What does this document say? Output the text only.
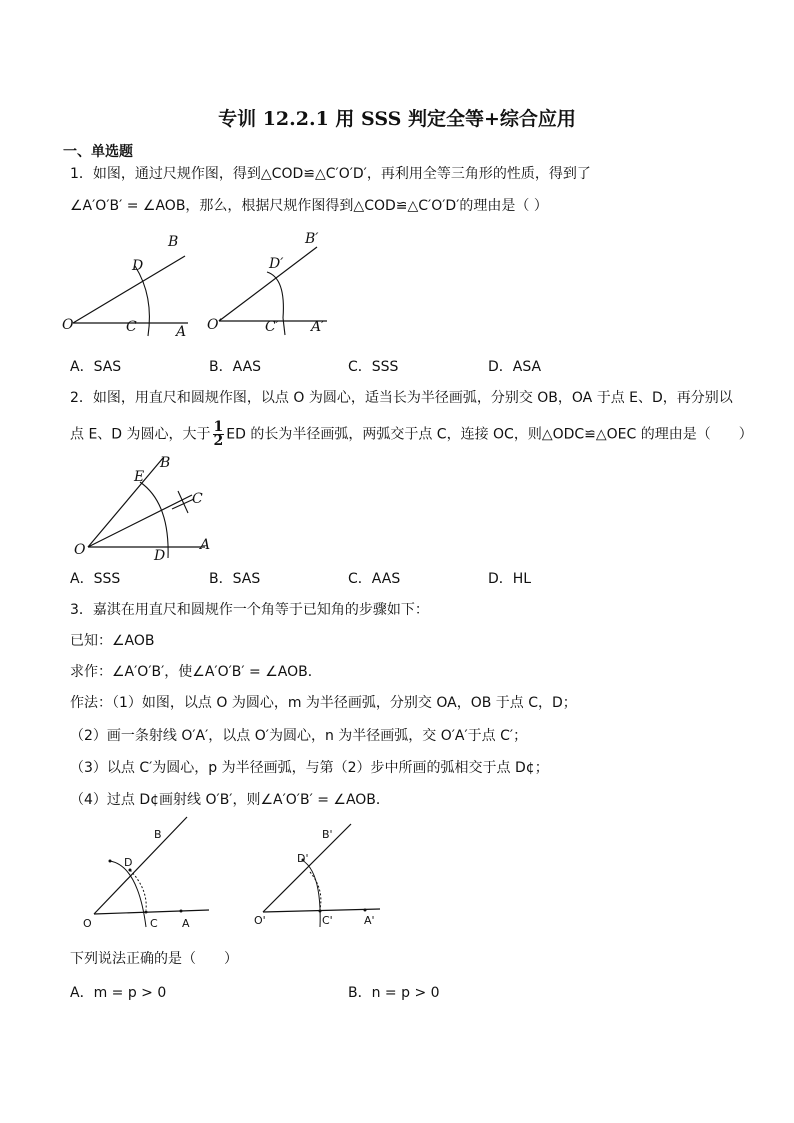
专训 12.2.1 用 SSS 判定全等+综合应用
一、单选题
1．如图，通过尺规作图，得到△COD≌△C′O′D′，再利用全等三角形的性质，得到了
∠A′O′B′ = ∠AOB，那么，根据尺规作图得到△COD≌△C′O′D′的理由是（ ）
B
D
O	C	A
B′
D′
O′	C′ A′
A．SAS	B．AAS	C．SSS	D．ASA
2．如图，用直尺和圆规作图，以点 O 为圆心，适当长为半径画弧，分别交 OB，OA 于点 E、D，再分别以
点 E、D 为圆心，大于 $\frac{1}{2}$ ED 的长为半径画弧，两弧交于点 C，连接 OC，则△ODC≌△OEC 的理由是（　　）
B
E
C
O	D
A
A．SSS	B．SAS	C．AAS	D．HL
3．嘉淇在用直尺和圆规作一个角等于已知角的步骤如下：
已知：∠AOB
求作：∠A′O′B′，使∠A′O′B′ = ∠AOB．
作法：（1）如图，以点 O 为圆心，m 为半径画弧，分别交 OA，OB 于点 C，D；
（2）画一条射线 O′A′，以点 O′为圆心，n 为半径画弧，交 O′A′于点 C′；
（3）以点 C′为圆心，p 为半径画弧，与第（2）步中所画的弧相交于点 D¢；
（4）过点 D¢画射线 O′B′，则∠A′O′B′ = ∠AOB．
B
D
O	C A
B'
D'
O'	C'	A'
下列说法正确的是（　　）
A．m = p > 0	B．n = p > 0
